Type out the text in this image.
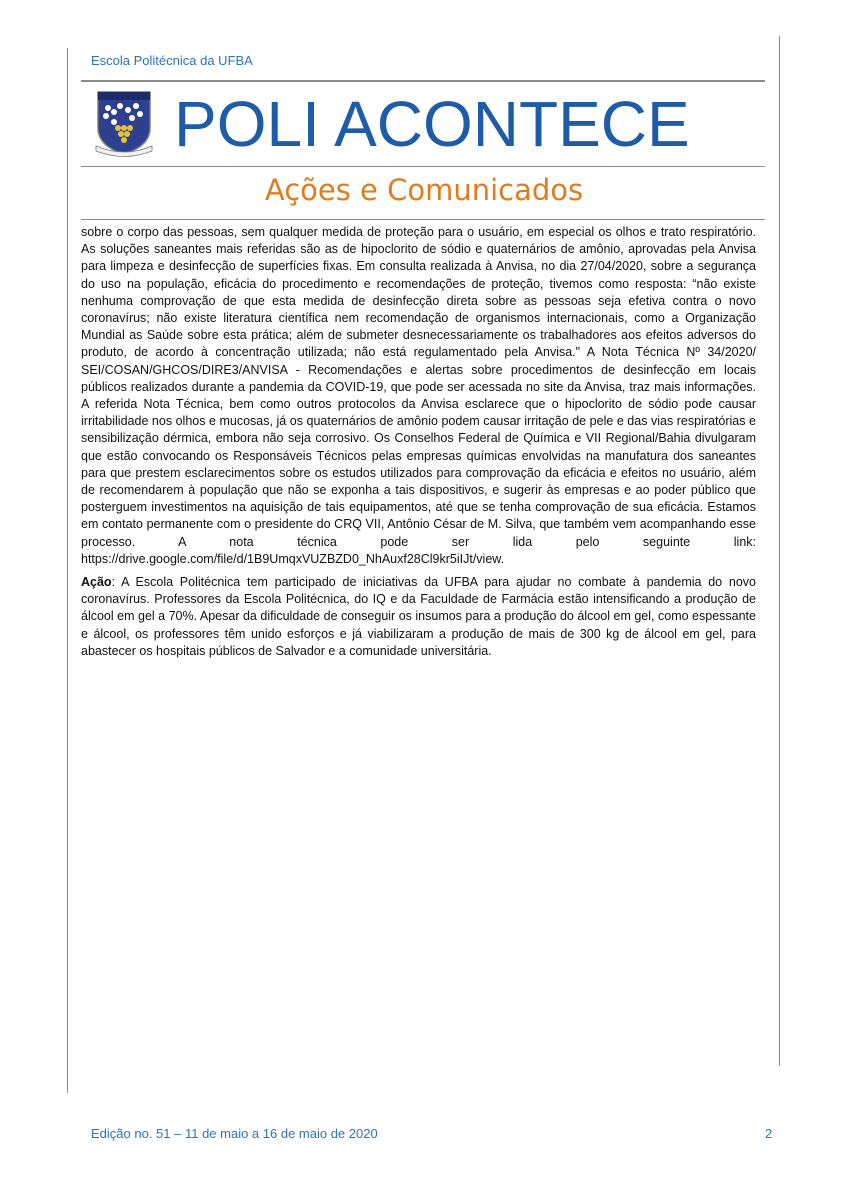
Escola Politécnica da UFBA
POLI ACONTECE
Ações e Comunicados

sobre o corpo das pessoas, sem qualquer medida de proteção para o usuário, em especial os olhos e trato respiratório. As soluções saneantes mais referidas são as de hipoclorito de sódio e quaternários de amônio, aprovadas pela Anvisa para limpeza e desinfecção de superfícies fixas. Em consulta realizada à Anvisa, no dia 27/04/2020, sobre a segurança do uso na população, eficácia do procedimento e recomendações de proteção, tivemos como resposta: “não existe nenhuma comprovação de que esta medida de desinfecção direta sobre as pessoas seja efetiva contra o novo coronavírus; não existe literatura científica nem recomendação de organismos internacionais, como a Organização Mundial as Saúde sobre esta prática; além de submeter desnecessariamente os trabalhadores aos efeitos adversos do produto, de acordo à concentração utilizada; não está regulamentado pela Anvisa." A Nota Técnica Nº 34/2020/ SEI/COSAN/GHCOS/DIRE3/ANVISA - Recomendações e alertas sobre procedimentos de desinfecção em locais públicos realizados durante a pandemia da COVID-19, que pode ser acessada no site da Anvisa, traz mais informações. A referida Nota Técnica, bem como outros protocolos da Anvisa esclarece que o hipoclorito de sódio pode causar irritabilidade nos olhos e mucosas, já os quaternários de amônio podem causar irritação de pele e das vias respiratórias e sensibilização dérmica, embora não seja corrosivo. Os Conselhos Federal de Química e VII Regional/Bahia divulgaram que estão convocando os Responsáveis Técnicos pelas empresas químicas envolvidas na manufatura dos saneantes para que prestem esclarecimentos sobre os estudos utilizados para comprovação da eficácia e efeitos no usuário, além de recomendarem à população que não se exponha a tais dispositivos, e sugerir às empresas e ao poder público que posterguem investimentos na aquisição de tais equipamentos, até que se tenha comprovação de sua eficácia. Estamos em contato permanente com o presidente do CRQ VII, Antônio César de M. Silva, que também vem acompanhando esse processo. A nota técnica pode ser lida pelo seguinte link: https://drive.google.com/file/d/1B9UmqxVUZBZD0_NhAuxf28Cl9kr5iIJt/view.

Ação: A Escola Politécnica tem participado de iniciativas da UFBA para ajudar no combate à pandemia do novo coronavírus. Professores da Escola Politécnica, do IQ e da Faculdade de Farmácia estão intensificando a produção de álcool em gel a 70%. Apesar da dificuldade de conseguir os insumos para a produção do álcool em gel, como espessante e álcool, os professores têm unido esforços e já viabilizaram a produção de mais de 300 kg de álcool em gel, para abastecer os hospitais públicos de Salvador e a comunidade universitária.

Edição no. 51 – 11 de maio a 16 de maio de 2020	2
